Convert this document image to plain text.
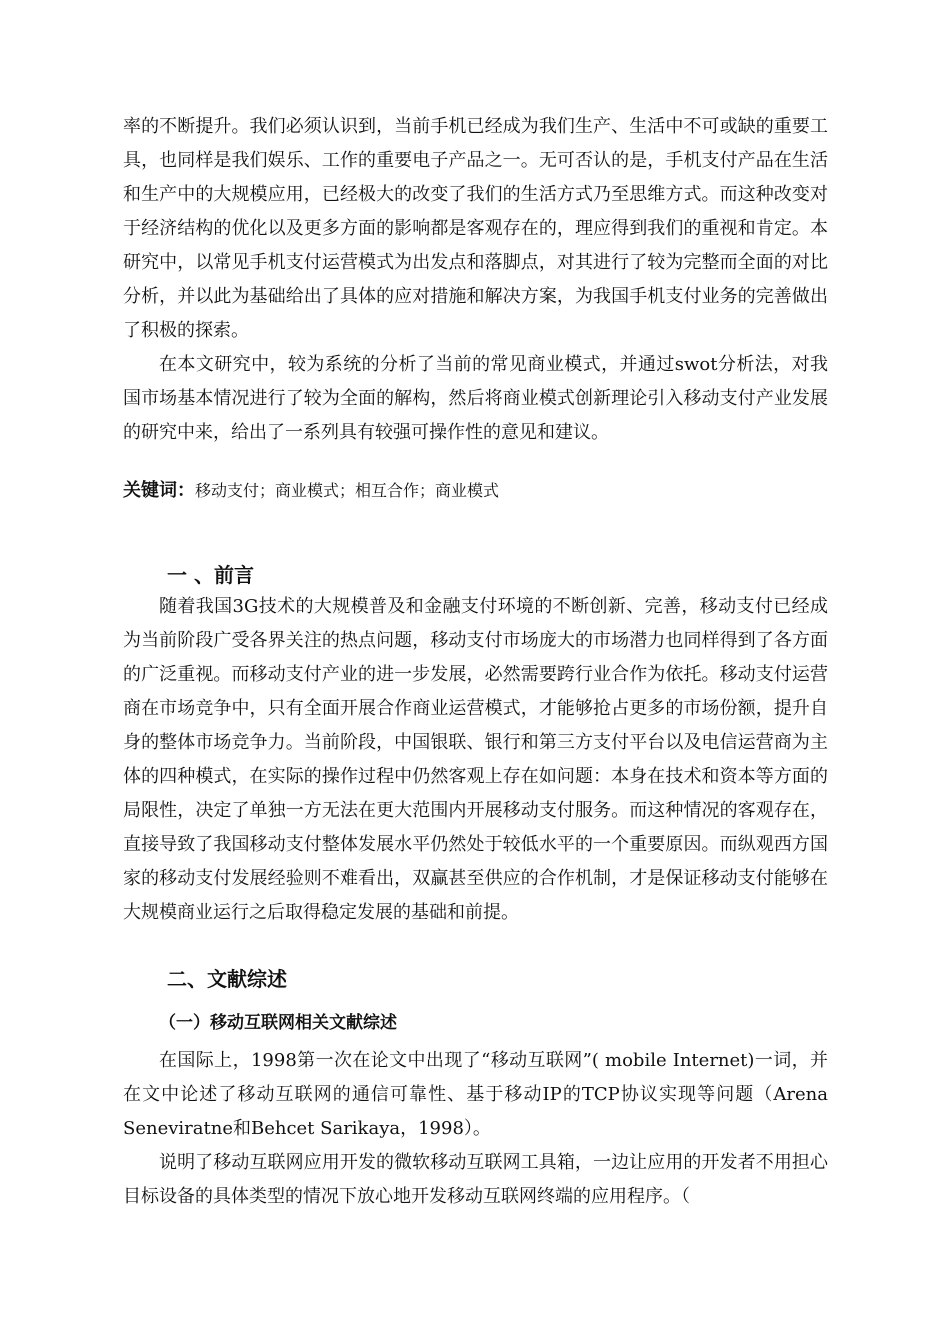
率的不断提升。我们必须认识到，当前手机已经成为我们生产、生活中不可或缺的重要工具，也同样是我们娱乐、工作的重要电子产品之一。无可否认的是，手机支付产品在生活和生产中的大规模应用，已经极大的改变了我们的生活方式乃至思维方式。而这种改变对于经济结构的优化以及更多方面的影响都是客观存在的，理应得到我们的重视和肯定。本研究中，以常见手机支付运营模式为出发点和落脚点，对其进行了较为完整而全面的对比分析，并以此为基础给出了具体的应对措施和解决方案，为我国手机支付业务的完善做出了积极的探索。

在本文研究中，较为系统的分析了当前的常见商业模式，并通过swot分析法，对我国市场基本情况进行了较为全面的解构，然后将商业模式创新理论引入移动支付产业发展的研究中来，给出了一系列具有较强可操作性的意见和建议。

关键词：移动支付；商业模式；相互合作；商业模式
一 、前言

随着我国3G技术的大规模普及和金融支付环境的不断创新、完善，移动支付已经成为当前阶段广受各界关注的热点问题，移动支付市场庞大的市场潜力也同样得到了各方面的广泛重视。而移动支付产业的进一步发展，必然需要跨行业合作为依托。移动支付运营商在市场竞争中，只有全面开展合作商业运营模式，才能够抢占更多的市场份额，提升自身的整体市场竞争力。当前阶段，中国银联、银行和第三方支付平台以及电信运营商为主体的四种模式，在实际的操作过程中仍然客观上存在如问题：本身在技术和资本等方面的局限性，决定了单独一方无法在更大范围内开展移动支付服务。而这种情况的客观存在，直接导致了我国移动支付整体发展水平仍然处于较低水平的一个重要原因。而纵观西方国家的移动支付发展经验则不难看出，双赢甚至供应的合作机制，才是保证移动支付能够在大规模商业运行之后取得稳定发展的基础和前提。

二、文献综述
（一）移动互联网相关文献综述

在国际上，1998第一次在论文中出现了“移动互联网”( mobile Internet)一词，并在文中论述了移动互联网的通信可靠性、基于移动IP的TCP协议实现等问题（Arena Seneviratne和Behcet Sarikaya，1998）。

说明了移动互联网应用开发的微软移动互联网工具箱，一边让应用的开发者不用担心目标设备的具体类型的情况下放心地开发移动互联网终端的应用程序。（
